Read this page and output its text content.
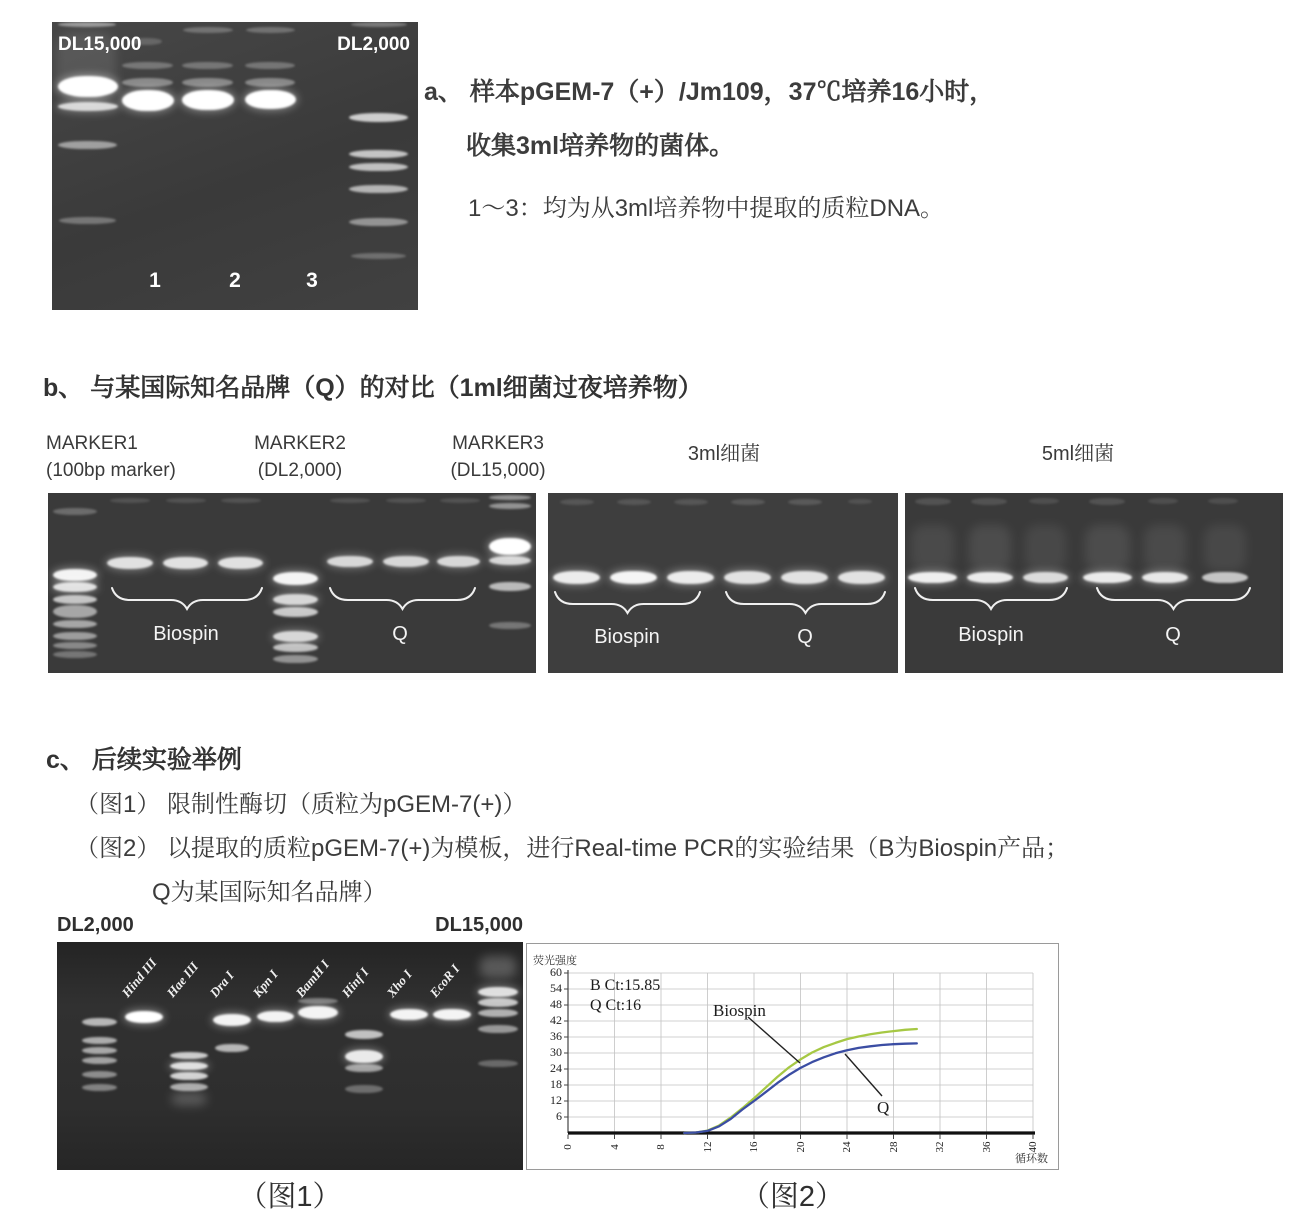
DL15,000	DL2,000
1	2	3
a、 样本pGEM-7（+）/Jm109，37℃培养16小时，
收集3ml培养物的菌体。
1～3：均为从3ml培养物中提取的质粒DNA。
b、 与某国际知名品牌（Q）的对比（1ml细菌过夜培养物）
MARKER1
(100bp marker)
MARKER2
(DL2,000)
MARKER3
(DL15,000)
3ml细菌	5ml细菌
Biospin	Q	Biospin	Q	Biospin	Q
c、 后续实验举例
（图1） 限制性酶切（质粒为pGEM-7(+)）
（图2） 以提取的质粒pGEM-7(+)为模板，进行Real-time PCR的实验结果（B为Biospin产品；
Q为某国际知名品牌）
DL2,000	DL15,000
Hind III Hae III Dra I Kpn I BamH I Hinf I Xho I EcoR I
（图1）
荧光强度
循环数
B Ct:15.85
Q Ct:16	Biospin
Q
60
54
48
42
36
30
24
18
12
6
0	4	8	12	16	20	24	28	32	36	40
（图2）
